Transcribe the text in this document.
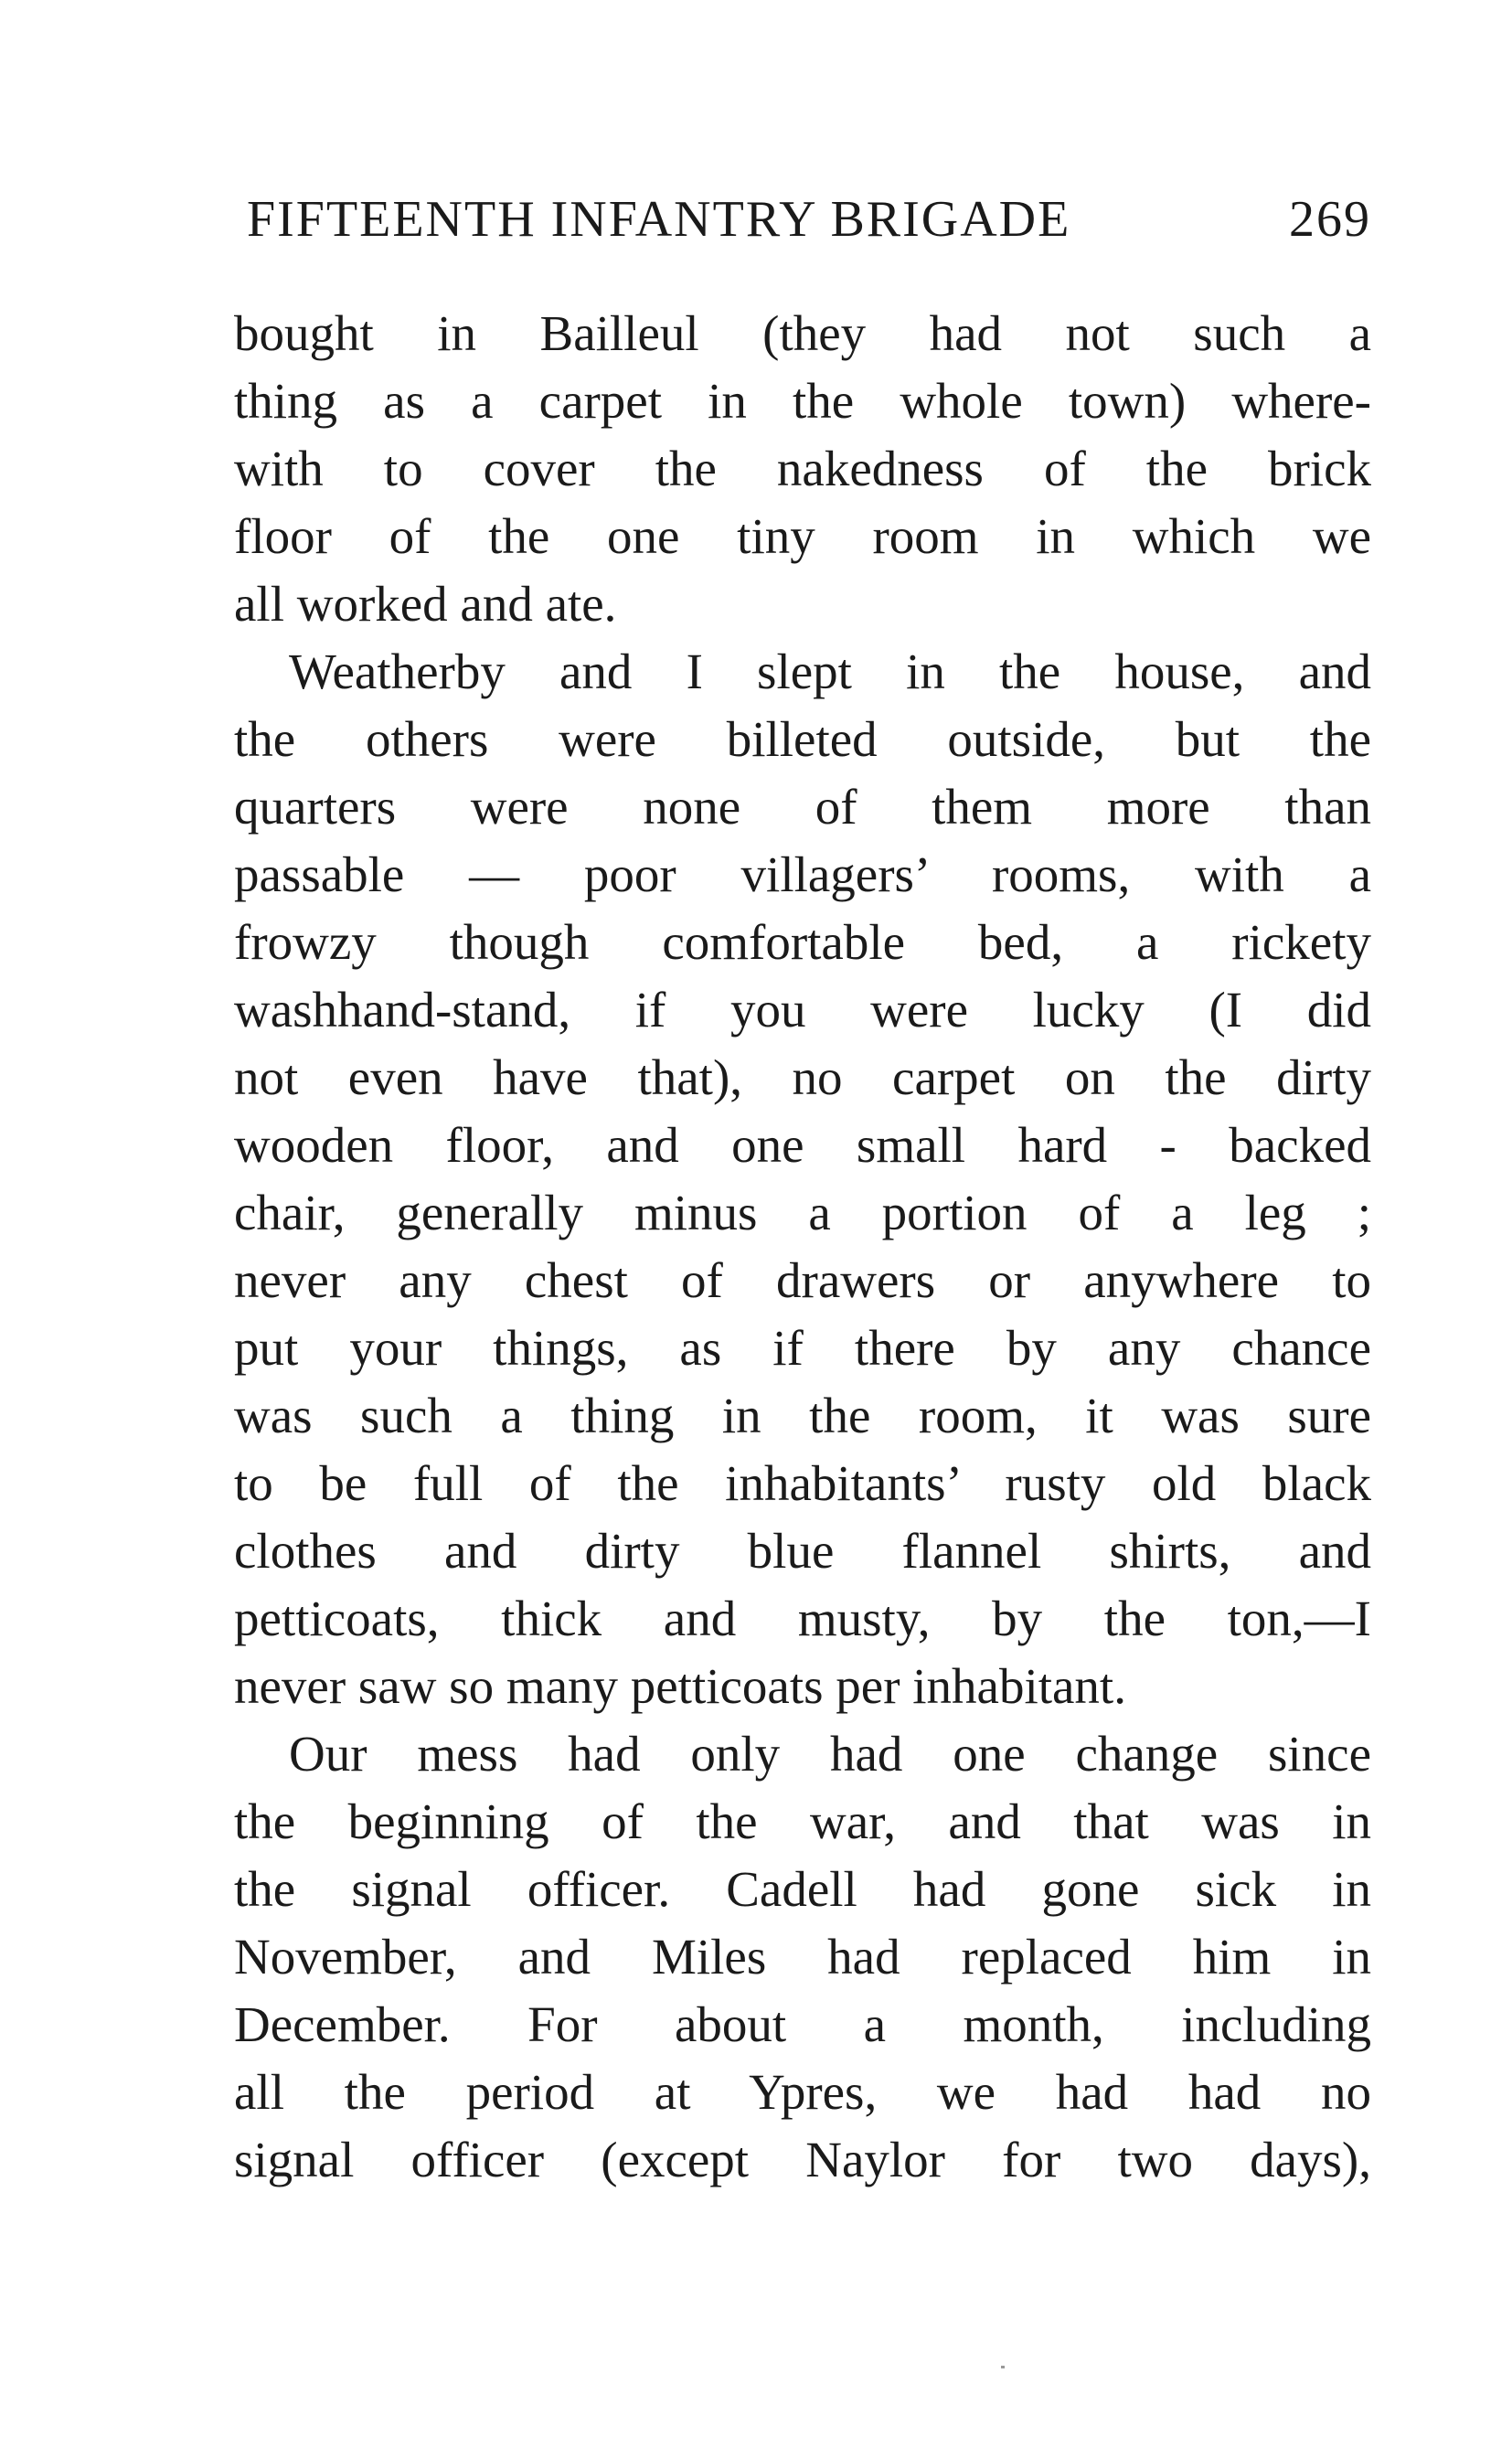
FIFTEENTH INFANTRY BRIGADE	269
bought in Bailleul (they had not such a
thing as a carpet in the whole town) where-
with to cover the nakedness of the brick
floor of the one tiny room in which we
all worked and ate.
Weatherby and I slept in the house, and
the others were billeted outside, but the
quarters were none of them more than
passable — poor villagers’ rooms, with a
frowzy though comfortable bed, a rickety
washhand-stand, if you were lucky (I did
not even have that), no carpet on the dirty
wooden floor, and one small hard - backed
chair, generally minus a portion of a leg ;
never any chest of drawers or anywhere to
put your things, as if there by any chance
was such a thing in the room, it was sure
to be full of the inhabitants’ rusty old black
clothes and dirty blue flannel shirts, and
petticoats, thick and musty, by the ton,—I
never saw so many petticoats per inhabitant.
Our mess had only had one change since
the beginning of the war, and that was in
the signal officer. Cadell had gone sick in
November, and Miles had replaced him in
December. For about a month, including
all the period at Ypres, we had had no
signal officer (except Naylor for two days),
